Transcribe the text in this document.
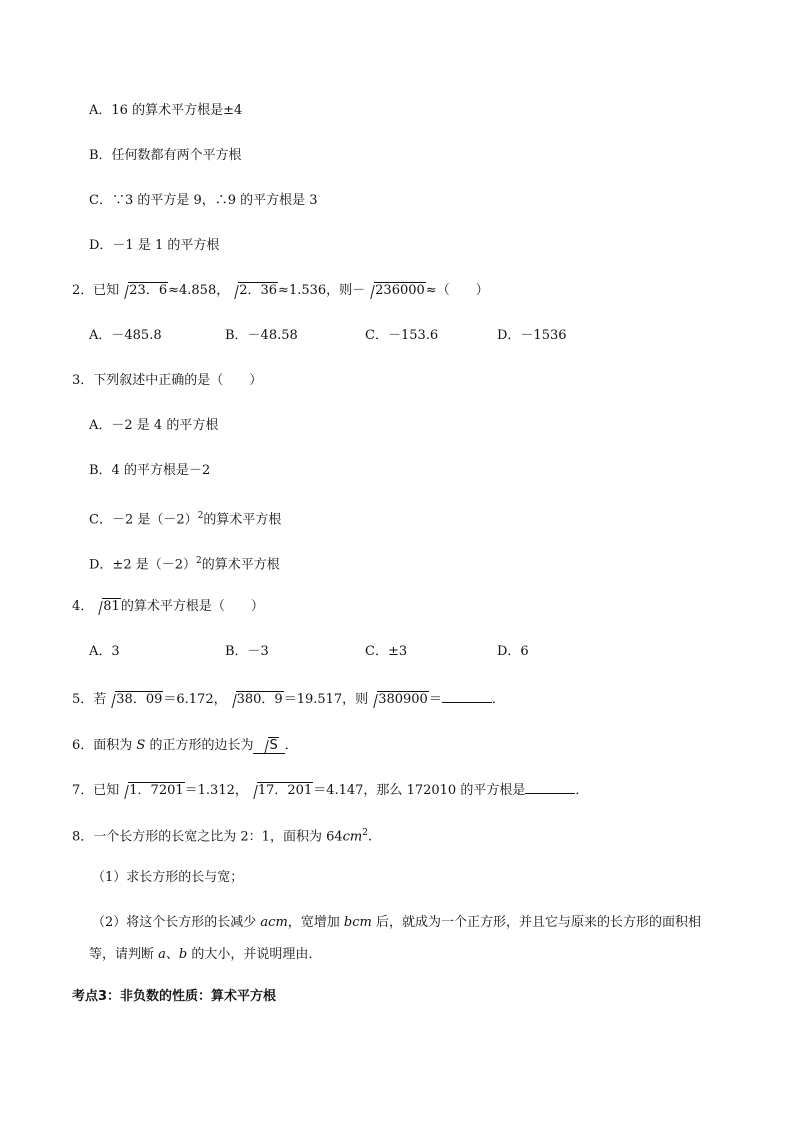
A．16 的算术平方根是±4
B．任何数都有两个平方根
C．∵3 的平方是 9，∴9 的平方根是 3
D．－1 是 1 的平方根
2．已知 23．6≈4.858， 2．36≈1.536，则－ 236000≈（　　）
A．－485.8	B．－48.58	C．－153.6	D．－1536
3．下列叙述中正确的是（　　）
A．－2 是 4 的平方根
B．4 的平方根是－2
C．－2 是$(-2)^2$的算术平方根
D．±2 是$(-2)^2$的算术平方根
4． 81的算术平方根是（　　）
A．3	B．－3	C．±3	D．6
5．若 38．09＝6.172， 380．9＝19.517，则 380900＝	．
6．面积为 S 的正方形的边长为 S ．
7．已知 1．7201＝1.312， 17．201＝4.147，那么 172010 的平方根是	．
8．一个长方形的长宽之比为 2：1，面积为 $64cm^2$.
（1）求长方形的长与宽；
（2）将这个长方形的长减少 acm，宽增加 bcm 后，就成为一个正方形，并且它与原来的长方形的面积相
等，请判断 a、b 的大小，并说明理由．
考点3：非负数的性质：算术平方根
